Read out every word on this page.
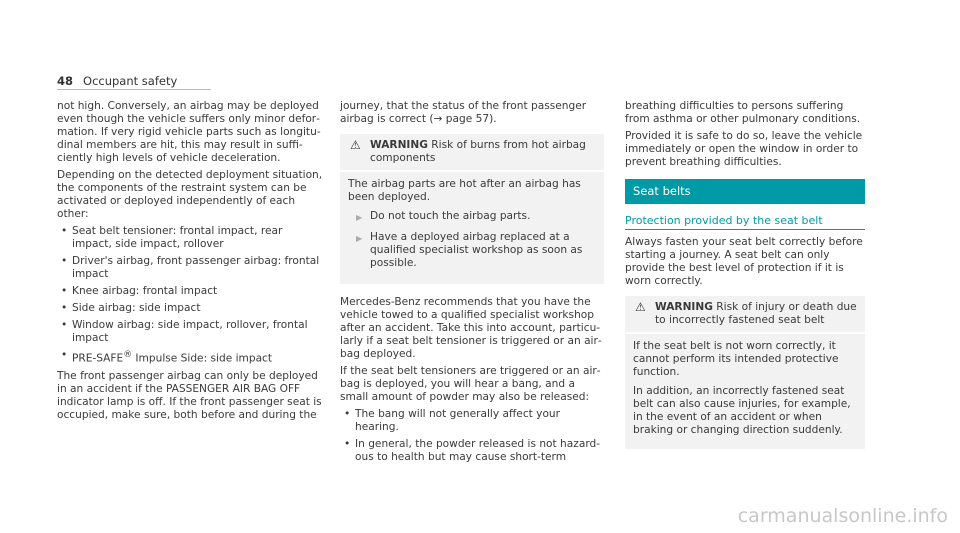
48 Occupant safety

not high. Conversely, an airbag may be deployed even though the vehicle suffers only minor deformation. If very rigid vehicle parts such as longitudinal members are hit, this may result in sufficiently high levels of vehicle deceleration.

Depending on the detected deployment situation, the components of the restraint system can be activated or deployed independently of each other:

• Seat belt tensioner: frontal impact, rear impact, side impact, rollover
• Driver's airbag, front passenger airbag: frontal impact
• Knee airbag: frontal impact
• Side airbag: side impact
• Window airbag: side impact, rollover, frontal impact
• PRE-SAFE® Impulse Side: side impact

The front passenger airbag can only be deployed in an accident if the PASSENGER AIR BAG OFF indicator lamp is off. If the front passenger seat is occupied, make sure, both before and during the

journey, that the status of the front passenger airbag is correct (→ page 57).

⚠ WARNING Risk of burns from hot airbag components

The airbag parts are hot after an airbag has been deployed.

▶ Do not touch the airbag parts.
▶ Have a deployed airbag replaced at a qualified specialist workshop as soon as possible.

Mercedes-Benz recommends that you have the vehicle towed to a qualified specialist workshop after an accident. Take this into account, particularly if a seat belt tensioner is triggered or an airbag deployed.

If the seat belt tensioners are triggered or an airbag is deployed, you will hear a bang, and a small amount of powder may also be released:

• The bang will not generally affect your hearing.
• In general, the powder released is not hazardous to health but may cause short-term

breathing difficulties to persons suffering from asthma or other pulmonary conditions.

Provided it is safe to do so, leave the vehicle immediately or open the window in order to prevent breathing difficulties.

Seat belts
Protection provided by the seat belt

Always fasten your seat belt correctly before starting a journey. A seat belt can only provide the best level of protection if it is worn correctly.

⚠ WARNING Risk of injury or death due to incorrectly fastened seat belt

If the seat belt is not worn correctly, it cannot perform its intended protective function.

In addition, an incorrectly fastened seat belt can also cause injuries, for example, in the event of an accident or when braking or changing direction suddenly.

carmanualsonline.info
